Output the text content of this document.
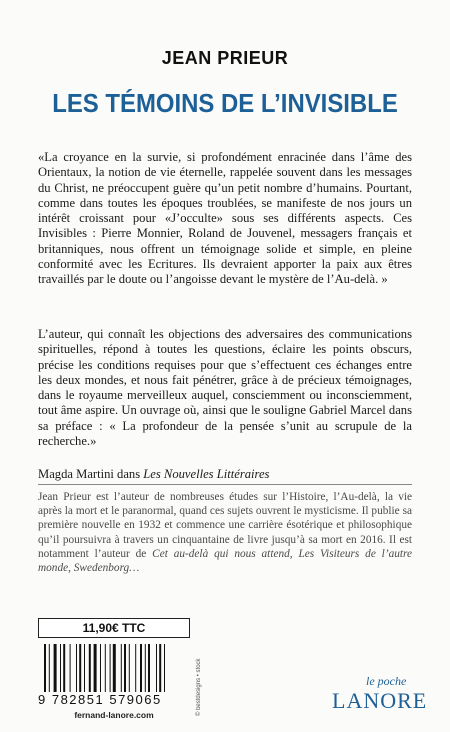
JEAN PRIEUR
LES TÉMOINS DE L’INVISIBLE
«La croyance en la survie, si profondément enracinée dans l’âme des Orientaux, la notion de vie éternelle, rappelée souvent dans les messages du Christ, ne préoccupent guère qu’un petit nombre d’humains. Pourtant, comme dans toutes les époques troublées, se manifeste de nos jours un intérêt croissant pour «J’occulte» sous ses différents aspects. Ces Invisibles : Pierre Monnier, Roland de Jouvenel, messagers français et britanniques, nous offrent un témoignage solide et simple, en pleine conformité avec les Ecritures. Ils devraient apporter la paix aux êtres travaillés par le doute ou l’angoisse devant le mystère de l’Au-delà. »
L’auteur, qui connaît les objections des adversaires des communications spirituelles, répond à toutes les questions, éclaire les points obscurs, précise les conditions requises pour que s’effectuent ces échanges entre les deux mondes, et nous fait pénétrer, grâce à de précieux témoignages, dans le royaume merveilleux auquel, consciemment ou inconsciemment, tout âme aspire. Un ouvrage où, ainsi que le souligne Gabriel Marcel dans sa préface : « La profondeur de la pensée s’unit au scrupule de la recherche.»
Magda Martini dans Les Nouvelles Littéraires
Jean Prieur est l’auteur de nombreuses études sur l’Histoire, l’Au-delà, la vie après la mort et le paranormal, quand ces sujets ouvrent le mysticisme. Il publie sa première nouvelle en 1932 et commence une carrière ésotérique et philosophique qu’il poursuivra à travers un cinquantaine de livre jusqu’à sa mort en 2016. Il est notamment l’auteur de Cet au-delà qui nous attend, Les Visiteurs de l’autre monde, Swedenborg…
11,90€ TTC
9 782851 579065
fernand-lanore.com	© bestdesigns • stock	le poche
LANORE
